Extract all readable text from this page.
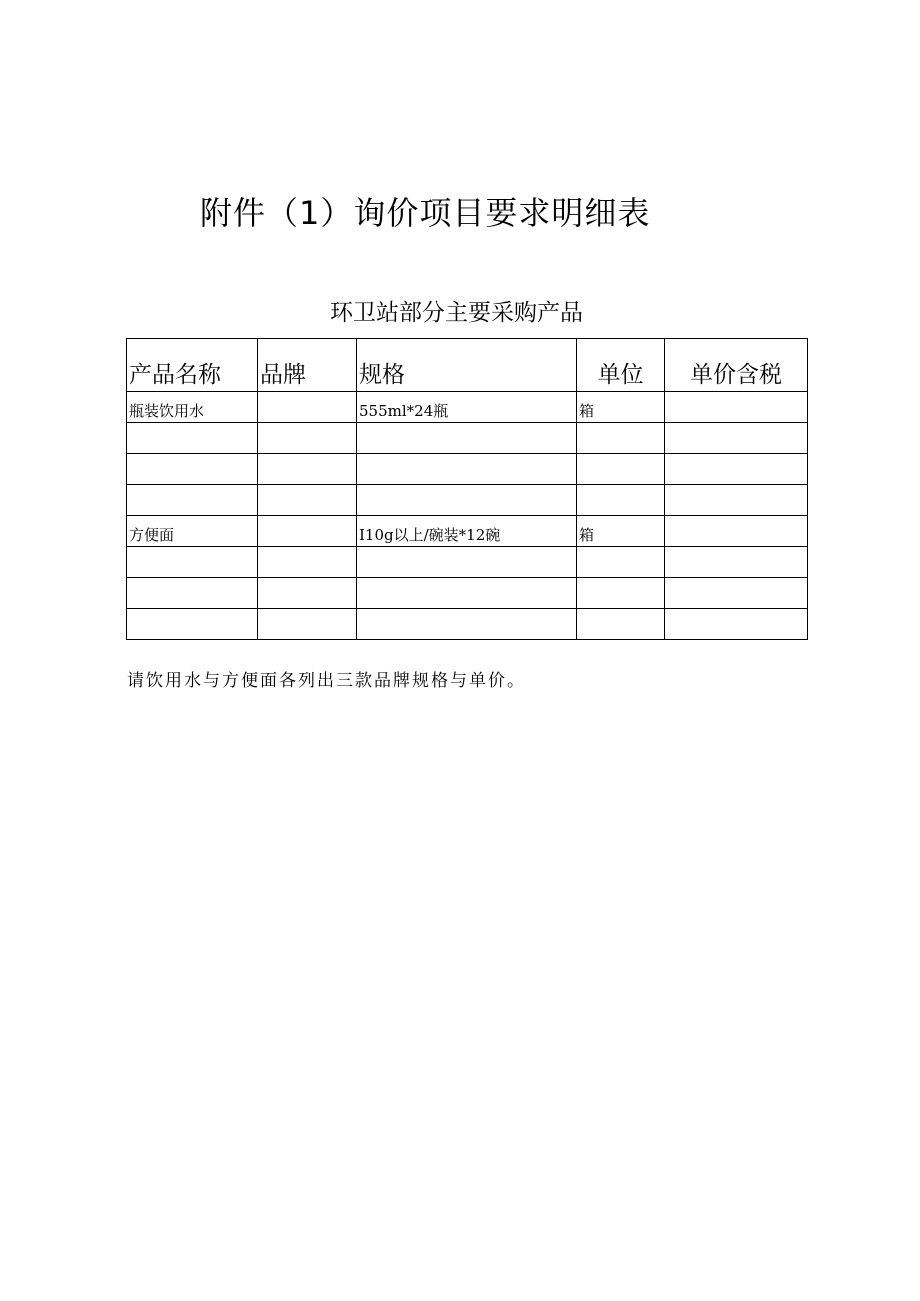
附件（1）询价项目要求明细表
环卫站部分主要采购产品
产品名称	品牌	规格	单位	单价含税
瓶装饮用水		555ml*24瓶	箱	

方便面		I10g以上/碗装*12碗	箱	

请饮用水与方便面各列出三款品牌规格与单价。
